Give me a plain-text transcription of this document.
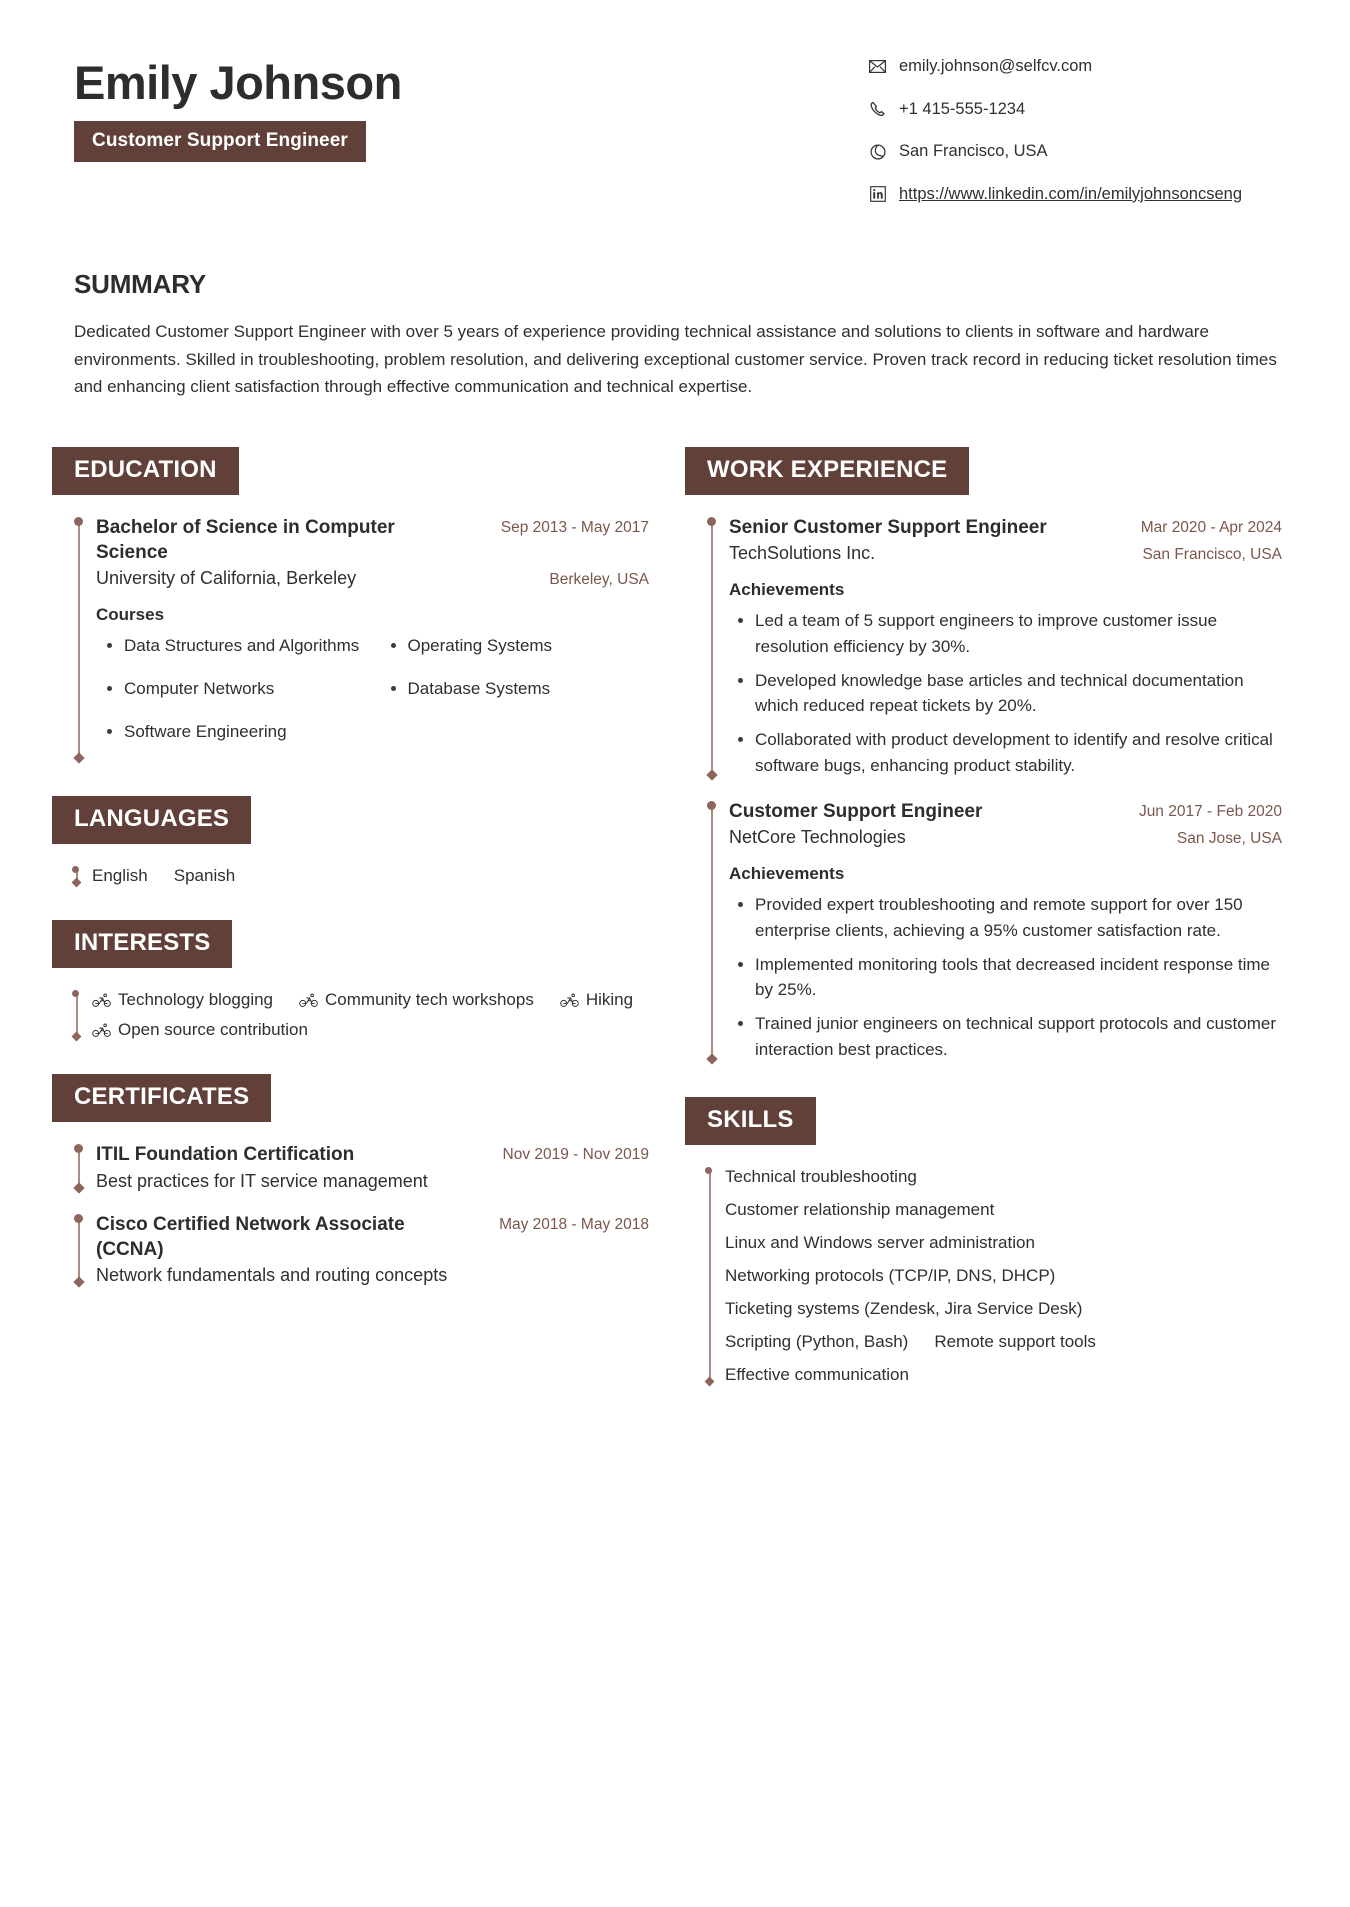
Emily Johnson
Customer Support Engineer
emily.johnson@selfcv.com
+1 415-555-1234
San Francisco, USA
https://www.linkedin.com/in/emilyjohnsoncseng
SUMMARY
Dedicated Customer Support Engineer with over 5 years of experience providing technical assistance and solutions to clients in software and hardware environments. Skilled in troubleshooting, problem resolution, and delivering exceptional customer service. Proven track record in reducing ticket resolution times and enhancing client satisfaction through effective communication and technical expertise.
EDUCATION
Bachelor of Science in Computer Science
Sep 2013 - May 2017
University of California, Berkeley	Berkeley, USA
Courses
Data Structures and Algorithms	Operating Systems
Computer Networks	Database Systems
Software Engineering
LANGUAGES
English Spanish
INTERESTS
Technology blogging	Community tech workshops	Hiking
Open source contribution
CERTIFICATES
ITIL Foundation Certification	Nov 2019 - Nov 2019
Best practices for IT service management
Cisco Certified Network Associate (CCNA)
May 2018 - May 2018
Network fundamentals and routing concepts
WORK EXPERIENCE
Senior Customer Support Engineer	Mar 2020 - Apr 2024
TechSolutions Inc.	San Francisco, USA
Achievements
Led a team of 5 support engineers to improve customer issue resolution efficiency by 30%.
Developed knowledge base articles and technical documentation which reduced repeat tickets by 20%.
Collaborated with product development to identify and resolve critical software bugs, enhancing product stability.
Customer Support Engineer	Jun 2017 - Feb 2020
NetCore Technologies	San Jose, USA
Achievements
Provided expert troubleshooting and remote support for over 150 enterprise clients, achieving a 95% customer satisfaction rate.
Implemented monitoring tools that decreased incident response time by 25%.
Trained junior engineers on technical support protocols and customer interaction best practices.
SKILLS
Technical troubleshooting
Customer relationship management
Linux and Windows server administration
Networking protocols (TCP/IP, DNS, DHCP)
Ticketing systems (Zendesk, Jira Service Desk)
Scripting (Python, Bash) Remote support tools
Effective communication
